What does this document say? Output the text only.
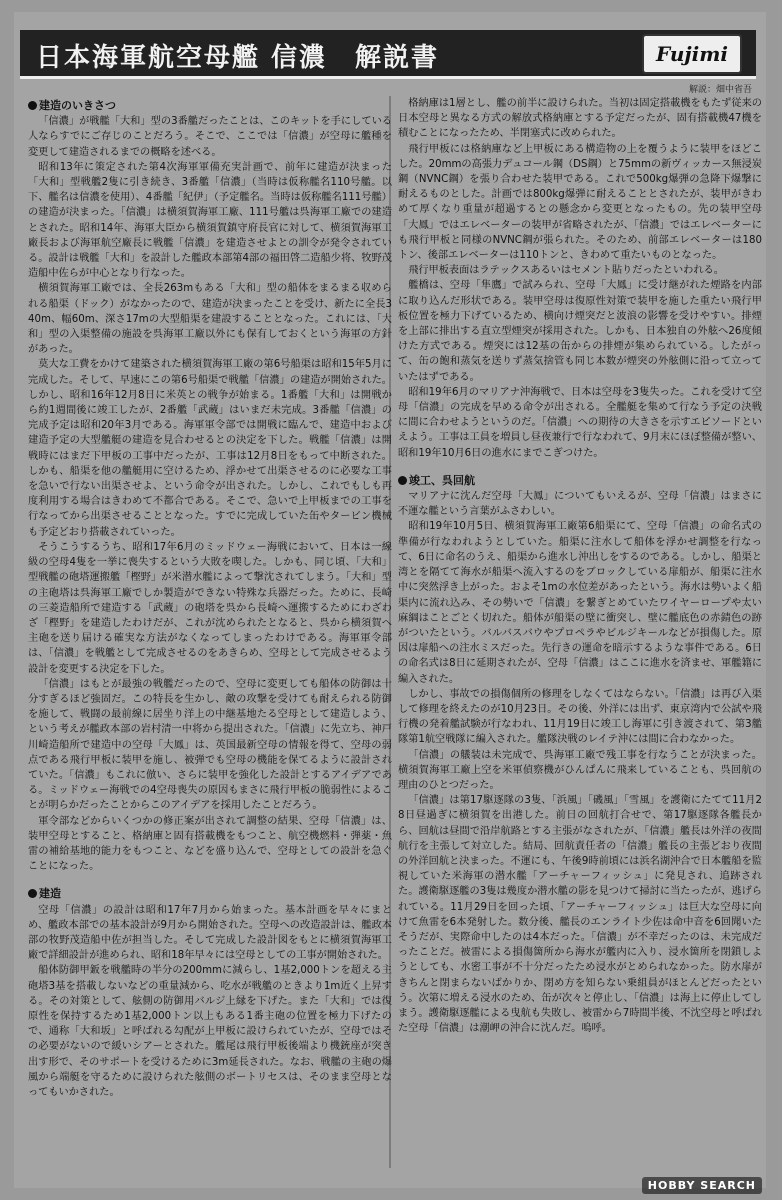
日本海軍航空母艦 信濃　解説書	Fujimi
解説：畑中省吾
建造のいきさつ

「信濃」が戦艦「大和」型の3番艦だったことは、このキットを手にしている人ならすでにご存じのことだろう。そこで、ここでは「信濃」が空母に艦種を変更して建造されるまでの概略を述べる。

昭和13年に策定された第4次海軍軍備充実計画で、前年に建造が決まった「大和」型戦艦2隻に引き続き、3番艦「信濃」（当時は仮称艦名110号艦。以下、艦名は信濃を使用）、4番艦「紀伊」（予定艦名。当時は仮称艦名111号艦）の建造が決まった。「信濃」は横須賀海軍工廠、111号艦は呉海軍工廠での建造とされた。昭和14年、海軍大臣から横須賀鎮守府長官に対して、横須賀海軍工廠長および海軍航空廠長に戦艦「信濃」を建造させよとの訓令が発令されている。設計は戦艦「大和」を設計した艦政本部第4部の福田啓二造船少将、牧野茂造船中佐らが中心となり行なった。

横須賀海軍工廠では、全長263mもある「大和」型の船体をまるまる収められる船渠（ドック）がなかったので、建造が決まったことを受け、新たに全長340m、幅60m、深さ17mの大型船渠を建設することとなった。これには、「大和」型の入渠整備の施設を呉海軍工廠以外にも保有しておくという海軍の方針があった。

莫大な工費をかけて建築された横須賀海軍工廠の第6号船渠は昭和15年5月に完成した。そして、早速にこの第6号船渠で戦艦「信濃」の建造が開始された。しかし、昭和16年12月8日に米英との戦争が始まる。1番艦「大和」は開戦から約1週間後に竣工したが、2番艦「武蔵」はいまだ未完成。3番艦「信濃」の完成予定は昭和20年3月である。海軍軍令部では開戦に臨んで、建造中および建造予定の大型艦艇の建造を見合わせるとの決定を下した。戦艦「信濃」は開戦時にはまだ下甲板の工事中だったが、工事は12月8日をもって中断された。しかも、船渠を他の艦艇用に空けるため、浮かせて出渠させるのに必要な工事を急いで行ない出渠させよ、という命令が出された。しかし、これでもしも再度利用する場合はきわめて不都合である。そこで、急いで上甲板までの工事を行なってから出渠させることとなった。すでに完成していた缶やタービン機械も予定どおり搭載されていった。

そうこうするうち、昭和17年6月のミッドウェー海戦において、日本は一線級の空母4隻を一挙に喪失するという大敗を喫した。しかも、同じ頃、「大和」型戦艦の砲塔運搬艦「樫野」が米潜水艦によって撃沈されてしまう。「大和」型の主砲塔は呉海軍工廠でしか製造ができない特殊な兵器だった。ために、長崎の三菱造船所で建造する「武蔵」の砲塔を呉から長崎へ運搬するためにわざわざ「樫野」を建造したわけだが、これが沈められたとなると、呉から横須賀へ主砲を送り届ける確実な方法がなくなってしまったわけである。海軍軍令部は、「信濃」を戦艦として完成させるのをあきらめ、空母として完成させるよう設計を変更する決定を下した。

「信濃」はもとが最強の戦艦だったので、空母に変更しても船体の防御は十分すぎるほど強固だ。この特長を生かし、敵の攻撃を受けても耐えられる防御を施して、戦闘の最前線に居坐り洋上の中継基地たる空母として建造しよう、という考えが艦政本部の岩村清一中将から提出された。「信濃」に先立ち、神戸川崎造船所で建造中の空母「大鳳」は、英国最新空母の情報を得て、空母の弱点である飛行甲板に装甲を施し、被弾でも空母の機能を保てるように設計されていた。「信濃」もこれに倣い、さらに装甲を強化した設計とするアイデアである。ミッドウェー海戦での4空母喪失の原因もまさに飛行甲板の脆弱性によることが明らかだったことからこのアイデアを採用したことだろう。

軍令部などからいくつかの修正案が出されて調整の結果、空母「信濃」は、装甲空母とすること、格納庫と固有搭載機をもつこと、航空機燃料・弾薬・魚雷の補給基地的能力をもつこと、などを盛り込んで、空母としての設計を急ぐことになった。

建造

空母「信濃」の設計は昭和17年7月から始まった。基本計画を早々にまとめ、艦政本部での基本設計が9月から開始された。空母への改造設計は、艦政本部の牧野茂造船中佐が担当した。そして完成した設計図をもとに横須賀海軍工廠で詳細設計が進められ、昭和18年早々には空母としての工事が開始された。

船体防御甲鈑を戦艦時の半分の200mmに減らし、1基2,000トンを超える主砲塔3基を搭載しないなどの重量減から、吃水が戦艦のときより1m近く上昇する。その対策として、舷側の防御用バルジ上縁を下げた。また「大和」では復原性を保持するため1基2,000トン以上もある1番主砲の位置を極力下げたので、通称「大和坂」と呼ばれる勾配が上甲板に設けられていたが、空母ではその必要がないので緩いシアーとされた。艦尾は飛行甲板後端より機銃座が突き出す形で、そのサポートを受けるために3m延長された。なお、戦艦の主砲の爆風から端艇を守るために設けられた舷側のボートリセスは、そのまま空母となってもいかされた。

格納庫は1層とし、艦の前半に設けられた。当初は固定搭載機をもたず従来の日本空母と異なる方式の解放式格納庫とする予定だったが、固有搭載機47機を積むことになったため、半閉塞式に改められた。

飛行甲板には格納庫など上甲板にある構造物の上を覆うように装甲をほどこした。20mmの高張力デュコール鋼（DS鋼）と75mmの新ヴィッカース無浸炭鋼（NVNC鋼）を張り合わせた装甲である。これで500kg爆弾の急降下爆撃に耐えるものとした。計画では800kg爆弾に耐えることとされたが、装甲がきわめて厚くなり重量が超過するとの懸念から変更となったもの。先の装甲空母「大鳳」ではエレベーターの装甲が省略されたが、「信濃」ではエレベーターにも飛行甲板と同様のNVNC鋼が張られた。そのため、前部エレベーターは180トン、後部エレベーターは110トンと、きわめて重たいものとなった。

飛行甲板表面はラテックスあるいはセメント貼りだったといわれる。

艦橋は、空母「隼鷹」で試みられ、空母「大鳳」に受け継がれた煙路を内部に取り込んだ形状である。装甲空母は復原性対策で装甲を施した重たい飛行甲板位置を極力下げているため、横向け煙突だと波浪の影響を受けやすい。排煙を上部に排出する直立型煙突が採用された。しかも、日本独自の外舷へ26度傾けた方式である。煙突には12基の缶からの排煙が集められている。したがって、缶の飽和蒸気を送りず蒸気捨管も同じ本数が煙突の外舷側に沿って立っていたはずである。

昭和19年6月のマリアナ沖海戦で、日本は空母を3隻失った。これを受けて空母「信濃」の完成を早める命令が出される。全艦艇を集めて行なう予定の決戦に間に合わせようというのだ。「信濃」への期待の大きさを示すエピソードといえよう。工事は工員を増員し昼夜兼行で行なわれて、9月末にほぼ整備が整い、昭和19年10月6日の進水にまでこぎつけた。

竣工、呉回航

マリアナに沈んだ空母「大鳳」についてもいえるが、空母「信濃」はまさに不運な艦という言葉がふさわしい。

昭和19年10月5日、横須賀海軍工廠第6船渠にて、空母「信濃」の命名式の準備が行なわれようとしていた。船渠に注水して船体を浮かせ調整を行なって、6日に命名のうえ、船渠から進水し沖出しをするのである。しかし、船渠と湾とを隔てて海水が船渠へ流入するのをブロックしている扉船が、船渠に注水中に突然浮き上がった。およそ1mの水位差があったという。海水は勢いよく船渠内に流れ込み、その勢いで「信濃」を繋ぎとめていたワイヤーロープや太い麻綱はことごとく切れた。船体が船渠の壁に衝突し、壁に艦底色の赤錆色の跡がついたという。バルバスバウやプロペラやビルジキールなどが損傷した。原因は扉船への注水ミスだった。先行きの運命を暗示するような事件である。6日の命名式は8日に延期されたが、空母「信濃」はここに進水を済ませ、軍艦籍に編入された。

しかし、事故での損傷個所の修理をしなくてはならない。「信濃」は再び入渠して修理を終えたのが10月23日。その後、外洋には出ず、東京湾内で公試や飛行機の発着艦試験が行なわれ、11月19日に竣工し海軍に引き渡されて、第3艦隊第1航空戦隊に編入された。艦隊決戦のレイテ沖には間に合わなかった。

「信濃」の艤装は未完成で、呉海軍工廠で残工事を行なうことが決まった。横須賀海軍工廠上空を米軍偵察機がひんぱんに飛来していることも、呉回航の理由のひとつだった。

「信濃」は第17駆逐隊の3隻、「浜風」「磯風」「雪風」を護衛にたてて11月28日昼過ぎに横須賀を出港した。前日の回航打合せで、第17駆逐隊各艦長から、回航は昼間で沿岸航路とする主張がなされたが、「信濃」艦長は外洋の夜間航行を主張して対立した。結局、回航責任者の「信濃」艦長の主張どおり夜間の外洋回航と決まった。不運にも、午後9時前頃には浜名湖沖合で日本艦船を監視していた米海軍の潜水艦「アーチャーフィッシュ」に発見され、追跡された。護衛駆逐艦の3隻は幾度か潜水艦の影を見つけて掃討に当たったが、逃げられている。11月29日を回った頃、「アーチャーフィッシュ」は巨大な空母に向けて魚雷を6本発射した。数分後、艦長のエンライト少佐は命中音を6回聞いたそうだが、実際命中したのは4本だった。「信濃」が不幸だったのは、未完成だったことだ。被雷による損傷箇所から海水が艦内に入り、浸水箇所を閉鎖しようとしても、水密工事が不十分だったため浸水がとめられなかった。防水扉がきちんと閉まらないばかりか、閉め方を知らない乗組員がほとんどだったという。次第に増える浸水のため、缶が次々と停止し、「信濃」は海上に停止してしまう。護衛駆逐艦による曳航も失敗し、被雷から7時間半後、不沈空母と呼ばれた空母「信濃」は潮岬の沖合に沈んだ。嗚呼。

HOBBY SEARCH
